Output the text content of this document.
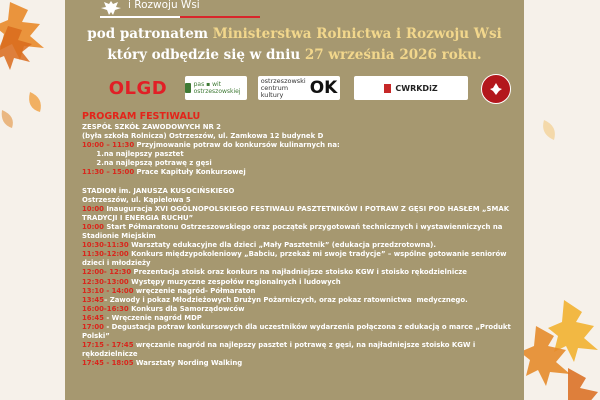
i Rozwoju Wsi
pod patronatem Ministerstwa Rolnictwa i Rozwoju Wsi
który odbędzie się w dniu 27 września 2026 roku.
OLGD	pas ▪ wit ostrzeszowskiej
ostrzeszowski centrum kultury	OK	CWRKDiZ
PROGRAM FESTIWALU
ZESPÓŁ SZKÓŁ ZAWODOWYCH NR 2
(była szkoła Rolnicza) Ostrzeszów, ul. Zamkowa 12 budynek D
10:00 – 11:30 Przyjmowanie potraw do konkursów kulinarnych na:
1.na najlepszy pasztet
2.na najlepszą potrawę z gęsi
11:30 – 15:00 Prace Kapituły Konkursowej
STADION im. JANUSZA KUSOCIŃSKIEGO
Ostrzeszów, ul. Kąpielowa 5
10:00 Inauguracja XVI OGÓLNOPOLSKIEGO FESTIWALU PASZTETNIKÓW I POTRAW Z GĘSI POD HASŁEM „SMAK TRADYCJI I ENERGIA RUCHU”
10:00 Start Półmaratonu Ostrzeszowskiego oraz początek przygotowań technicznych i wystawienniczych na Stadionie Miejskim
10:30-11:30 Warsztaty edukacyjne dla dzieci „Mały Pasztetnik” (edukacja przedzrotowna).
11:30-12:00 Konkurs międzypokoleniowy „Babciu, przekaż mi swoje tradycje” – wspólne gotowanie seniorów dzieci i młodzieży
12:00- 12:30 Prezentacja stoisk oraz konkurs na najładniejsze stoisko KGW i stoisko rękodzielnicze
12:30-13:00 Występy muzyczne zespołów regionalnych i ludowych
13:10 - 14:00 wręczenie nagród- Półmaraton
13:45– Zawody i pokaz Młodzieżowych Drużyn Pożarniczych, oraz pokaz ratownictwa  medycznego.
16:00-16:30 Konkurs dla Samorządowców
16:45 - Wręczenie nagród MDP
17:00 - Degustacja potraw konkursowych dla uczestników wydarzenia połączona z edukacją o marce „Produkt Polski”
17:15 - 17:45 wręczanie nagród na najlepszy pasztet i potrawę z gęsi, na najładniejsze stoisko KGW i rękodzielnicze
17:45 - 18:05 Warsztaty Nording Walking
